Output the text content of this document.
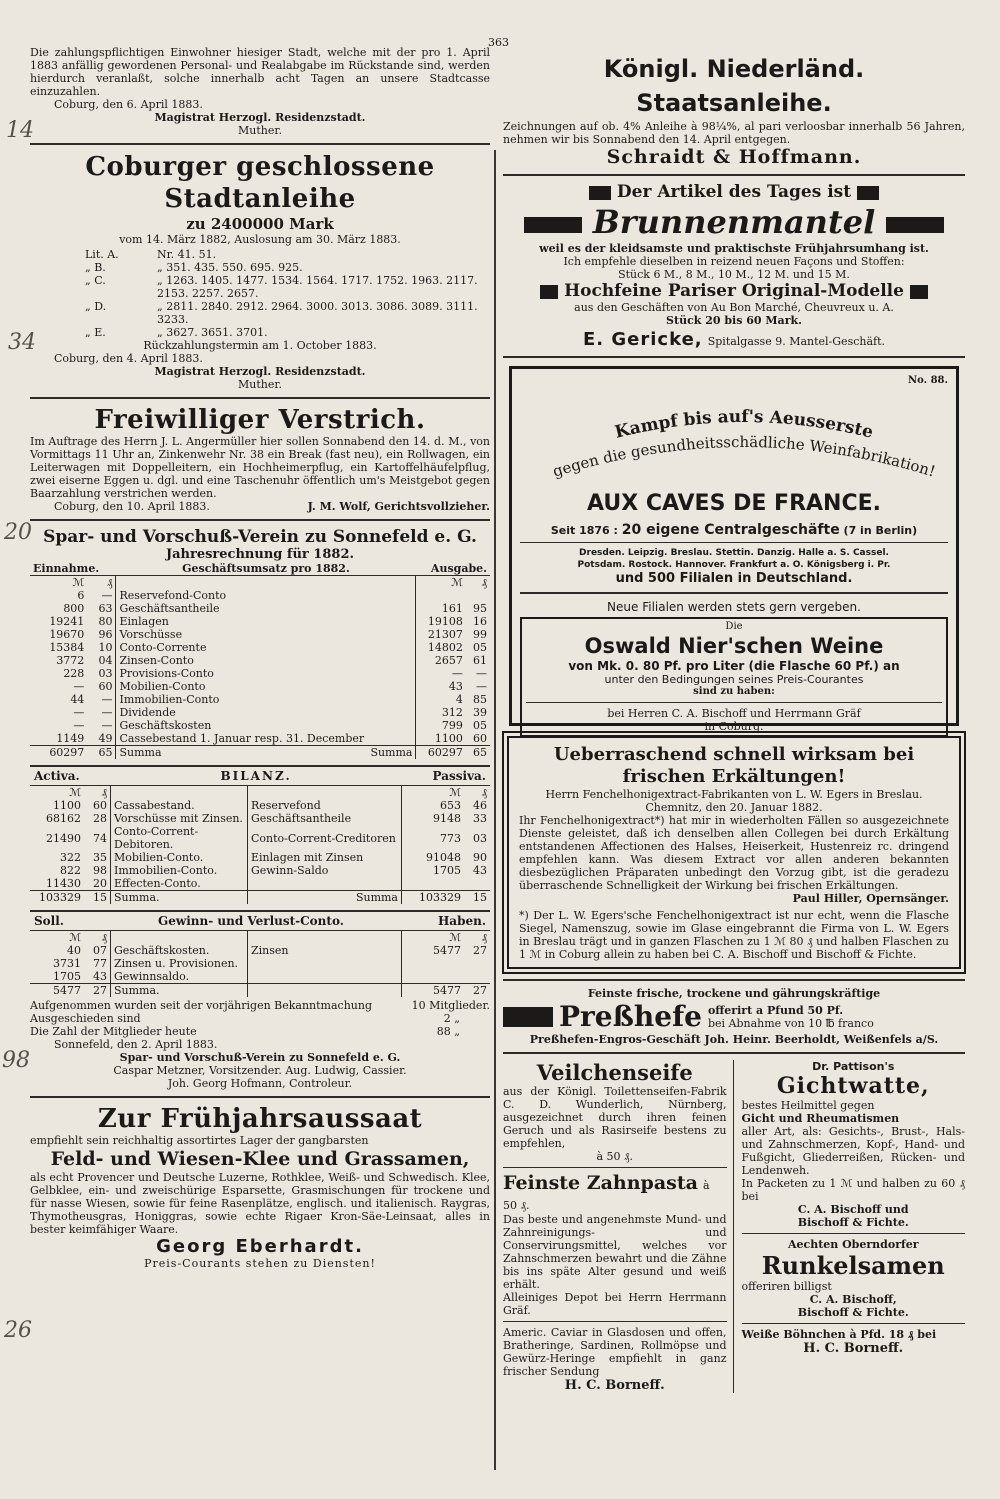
363
14
34
20
98
26

Die zahlungspflichtigen Einwohner hiesiger Stadt, welche mit der pro 1. April 1883 anfällig gewordenen Personal- und Realabgabe im Rückstande sind, werden hierdurch veranlaßt, solche innerhalb acht Tagen an unsere Stadtcasse einzuzahlen.

Coburg, den 6. April 1883.

Magistrat Herzogl. Residenzstadt.

Muther.

Coburger geschlossene Stadtanleihe

zu 2400000 Mark

vom 14. März 1882, Auslosung am 30. März 1883.

Lit. A.	Nr. 41. 51.
„ B.	„ 351. 435. 550. 695. 925.
„ C.	„ 1263. 1405. 1477. 1534. 1564. 1717. 1752. 1963. 2117. 2153. 2257. 2657.
„ D.	„ 2811. 2840. 2912. 2964. 3000. 3013. 3086. 3089. 3111. 3233.
„ E.	„ 3627. 3651. 3701.

Rückzahlungstermin am 1. October 1883.

Coburg, den 4. April 1883.

Magistrat Herzogl. Residenzstadt.

Muther.

Freiwilliger Verstrich.

Im Auftrage des Herrn J. L. Angermüller hier sollen Sonnabend den 14. d. M., von Vormittags 11 Uhr an, Zinkenwehr Nr. 38 ein Break (fast neu), ein Rollwagen, ein Leiterwagen mit Doppelleitern, ein Hochheimerpflug, ein Kartoffelhäufelpflug, zwei eiserne Eggen u. dgl. und eine Taschenuhr öffentlich um's Meistgebot gegen Baarzahlung verstrichen werden.

Coburg, den 10. April 1883.	J. M. Wolf, Gerichtsvollzieher.

Spar- und Vorschuß-Verein zu Sonnefeld e. G.

Jahresrechnung für 1882.

Einnahme.		Geschäftsumsatz pro 1882.	Ausgabe.	
ℳ	₰		ℳ	₰
6	—	Reservefond-Conto		
800	63	Geschäftsantheile	161	95
19241	80	Einlagen	19108	16
19670	96	Vorschüsse	21307	99
15384	10	Conto-Corrente	14802	05
3772	04	Zinsen-Conto	2657	61
228	03	Provisions-Conto	—	—
—	60	Mobilien-Conto	43	—
44	—	Immobilien-Conto	4	85
—	—	Dividende	312	39
—	—	Geschäftskosten	799	05
1149	49	Cassebestand 1. Januar resp. 31. December	1100	60
60297	65	Summa Summa	60297	65
Activa.	BILANZ.	Passiva.
ℳ	₰			ℳ	₰
1100	60	Cassabestand.	Reservefond	653	46
68162	28	Vorschüsse mit Zinsen.	Geschäftsantheile	9148	33
21490	74	Conto-Corrent-Debitoren.	Conto-Corrent-Creditoren	773	03
322	35	Mobilien-Conto.	Einlagen mit Zinsen	91048	90
822	98	Immobilien-Conto.	Gewinn-Saldo	1705	43
11430	20	Effecten-Conto.			
103329	15	Summa.	Summa	103329	15
Soll.	Gewinn- und Verlust-Conto.	Haben.
ℳ	₰			ℳ	₰
40	07	Geschäftskosten.	Zinsen	5477	27
3731	77	Zinsen u. Provisionen.			
1705	43	Gewinnsaldo.			
5477	27	Summa.		5477	27
Aufgenommen wurden seit der vorjährigen Bekanntmachung	10 Mitglieder.
Ausgeschieden sind	2 „
Die Zahl der Mitglieder heute	88 „

Sonnefeld, den 2. April 1883.

Spar- und Vorschuß-Verein zu Sonnefeld e. G.

Caspar Metzner, Vorsitzender. Aug. Ludwig, Cassier.

Joh. Georg Hofmann, Controleur.

Zur Frühjahrsaussaat

empfiehlt sein reichhaltig assortirtes Lager der gangbarsten

Feld- und Wiesen-Klee und Grassamen,

als echt Provencer und Deutsche Luzerne, Rothklee, Weiß- und Schwedisch. Klee, Gelbklee, ein- und zweischürige Esparsette, Grasmischungen für trockene und für nasse Wiesen, sowie für feine Rasenplätze, englisch. und italienisch. Raygras, Thymotheusgras, Honiggras, sowie echte Rigaer Kron-Säe-Leinsaat, alles in bester keimfähiger Waare.

Georg Eberhardt.

Preis-Courants stehen zu Diensten!

Königl. Niederländ. Staatsanleihe.

Zeichnungen auf ob. 4% Anleihe à 98¼%, al pari verloosbar innerhalb 56 Jahren, nehmen wir bis Sonnabend den 14. April entgegen.

Schraidt & Hoffmann.

Der Artikel des Tages ist

Brunnenmantel

weil es der kleidsamste und praktischste Frühjahrsumhang ist.

Ich empfehle dieselben in reizend neuen Façons und Stoffen:

Stück 6 M., 8 M., 10 M., 12 M. und 15 M.

Hochfeine Pariser Original-Modelle

aus den Geschäften von Au Bon Marché, Cheuvreux u. A.

Stück 20 bis 60 Mark.

E. Gericke, Spitalgasse 9. Mantel-Geschäft.

No. 88.

Kampf bis auf's Aeusserste
gegen die gesundheitsschädliche Weinfabrikation!

AUX CAVES DE FRANCE.

Seit 1876 : 20 eigene Centralgeschäfte (7 in Berlin)

Dresden. Leipzig. Breslau. Stettin. Danzig. Halle a. S. Cassel.

Potsdam. Rostock. Hannover. Frankfurt a. O. Königsberg i. Pr.

und 500 Filialen in Deutschland.

Neue Filialen werden stets gern vergeben.

Die

Oswald Nier'schen Weine

von Mk. 0. 80 Pf. pro Liter (die Flasche 60 Pf.) an

unter den Bedingungen seines Preis-Courantes

sind zu haben:

bei Herren C. A. Bischoff und Herrmann Gräf

in Coburg.

Ueberraschend schnell wirksam bei frischen Erkältungen!

Herrn Fenchelhonigextract-Fabrikanten von L. W. Egers in Breslau.

Chemnitz, den 20. Januar 1882.

Ihr Fenchelhonigextract*) hat mir in wiederholten Fällen so ausgezeichnete Dienste geleistet, daß ich denselben allen Collegen bei durch Erkältung entstandenen Affectionen des Halses, Heiserkeit, Hustenreiz rc. dringend empfehlen kann. Was diesem Extract vor allen anderen bekannten diesbezüglichen Präparaten unbedingt den Vorzug gibt, ist die geradezu überraschende Schnelligkeit der Wirkung bei frischen Erkältungen.

Paul Hiller, Opernsänger.

*) Der L. W. Egers'sche Fenchelhonigextract ist nur echt, wenn die Flasche Siegel, Namenszug, sowie im Glase eingebrannt die Firma von L. W. Egers in Breslau trägt und in ganzen Flaschen zu 1 ℳ 80 ₰ und halben Flaschen zu 1 ℳ in Coburg allein zu haben bei C. A. Bischoff und Bischoff & Fichte.

Feinste frische, trockene und gährungskräftige

Preßhefe offerirt a Pfund 50 Pf.
bei Abnahme von 10 ℔ franco

Preßhefen-Engros-Geschäft Joh. Heinr. Beerholdt, Weißenfels a/S.

Veilchenseife

aus der Königl. Toilettenseifen-Fabrik C. D. Wunderlich, Nürnberg, ausgezeichnet durch ihren feinen Geruch und als Rasirseife bestens zu empfehlen,

à 50 ₰.

Feinste Zahnpasta à 50 ₰.

Das beste und angenehmste Mund- und Zahnreinigungs- und Conservirungsmittel, welches vor Zahnschmerzen bewahrt und die Zähne bis ins späte Alter gesund und weiß erhält.

Alleiniges Depot bei Herrn Herrmann Gräf.

Americ. Caviar in Glasdosen und offen, Bratheringe, Sardinen, Rollmöpse und Gewürz-Heringe empfiehlt in ganz frischer Sendung

H. C. Borneff.

Dr. Pattison's

Gichtwatte,

bestes Heilmittel gegen

Gicht und Rheumatismen

aller Art, als: Gesichts-, Brust-, Hals- und Zahnschmerzen, Kopf-, Hand- und Fußgicht, Gliederreißen, Rücken- und Lendenweh.

In Packeten zu 1 ℳ und halben zu 60 ₰ bei

C. A. Bischoff und

Bischoff & Fichte.

Aechten Oberndorfer

Runkelsamen

offeriren billigst

C. A. Bischoff,

Bischoff & Fichte.

Weiße Böhnchen à Pfd. 18 ₰ bei

H. C. Borneff.
